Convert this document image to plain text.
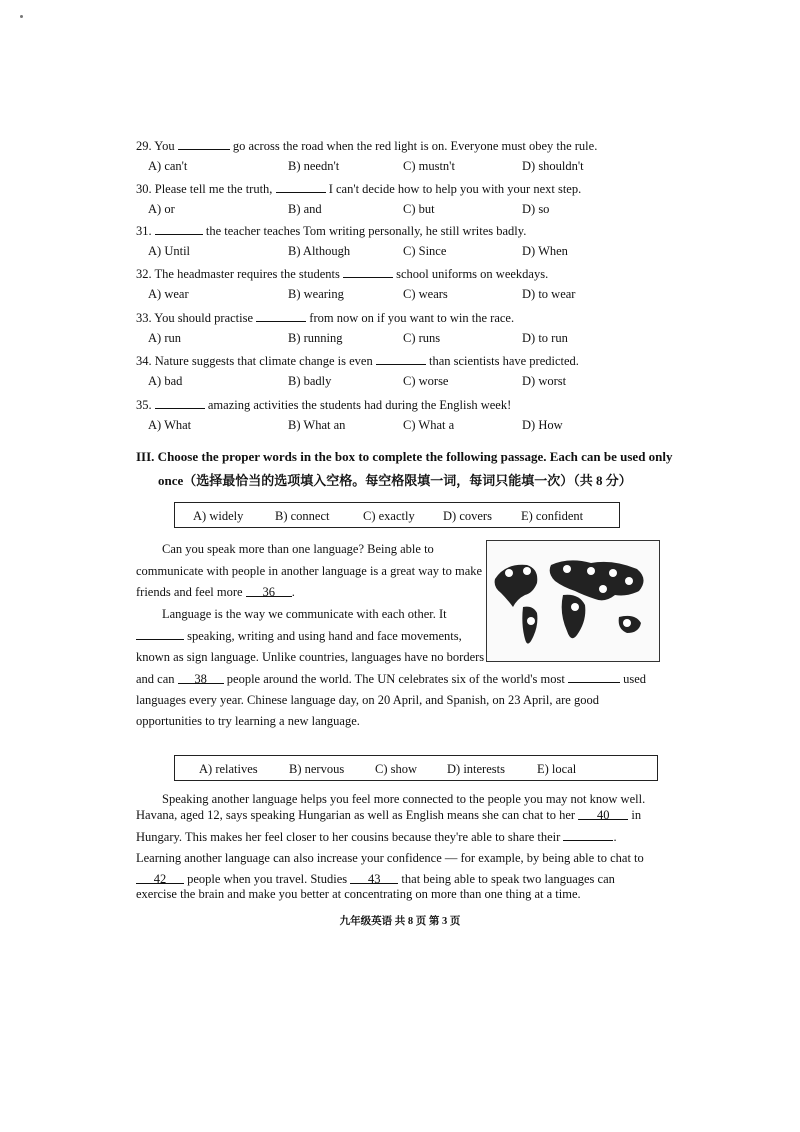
29. You	go across the road when the red light is on. Everyone must obey the rule.
A) can't	B) needn't	C) mustn't	D) shouldn't
30. Please tell me the truth,	I can't decide how to help you with your next step.
A) or	B) and	C) but	D) so
31.	the teacher teaches Tom writing personally, he still writes badly.
A) Until	B) Although	C) Since	D) When
32. The headmaster requires the students	school uniforms on weekdays.
A) wear	B) wearing	C) wears	D) to wear
33. You should practise	from now on if you want to win the race.
A) run	B) running	C) runs	D) to run
34. Nature suggests that climate change is even	than scientists have predicted.
A) bad	B) badly	C) worse	D) worst
35.	amazing activities the students had during the English week!
A) What	B) What an	C) What a	D) How
III. Choose the proper words in the box to complete the following passage. Each can be used only
once（选择最恰当的选项填入空格。每空格限填一词，每词只能填一次）（共 8 分）
A) widely	B) connect	C) exactly D) covers E) confident
Can you speak more than one language? Being able to
communicate with people in another language is a great way to make
friends and feel more 36 .
Language is the way we communicate with each other. It
speaking, writing and using hand and face movements,
known as sign language. Unlike countries, languages have no borders
and can 38 people around the world. The UN celebrates six of the world's most	used
languages every year. Chinese language day, on 20 April, and Spanish, on 23 April, are good
opportunities to try learning a new language.
A) relatives	B) nervous C) show D) interests	E) local
Speaking another language helps you feel more connected to the people you may not know well.
Havana, aged 12, says speaking Hungarian as well as English means she can chat to her 40 in
Hungary. This makes her feel closer to her cousins because they're able to share their	.
Learning another language can also increase your confidence — for example, by being able to chat to
42 people when you travel. Studies 43 that being able to speak two languages can
exercise the brain and make you better at concentrating on more than one thing at a time.
九年级英语 共 8 页 第 3 页
